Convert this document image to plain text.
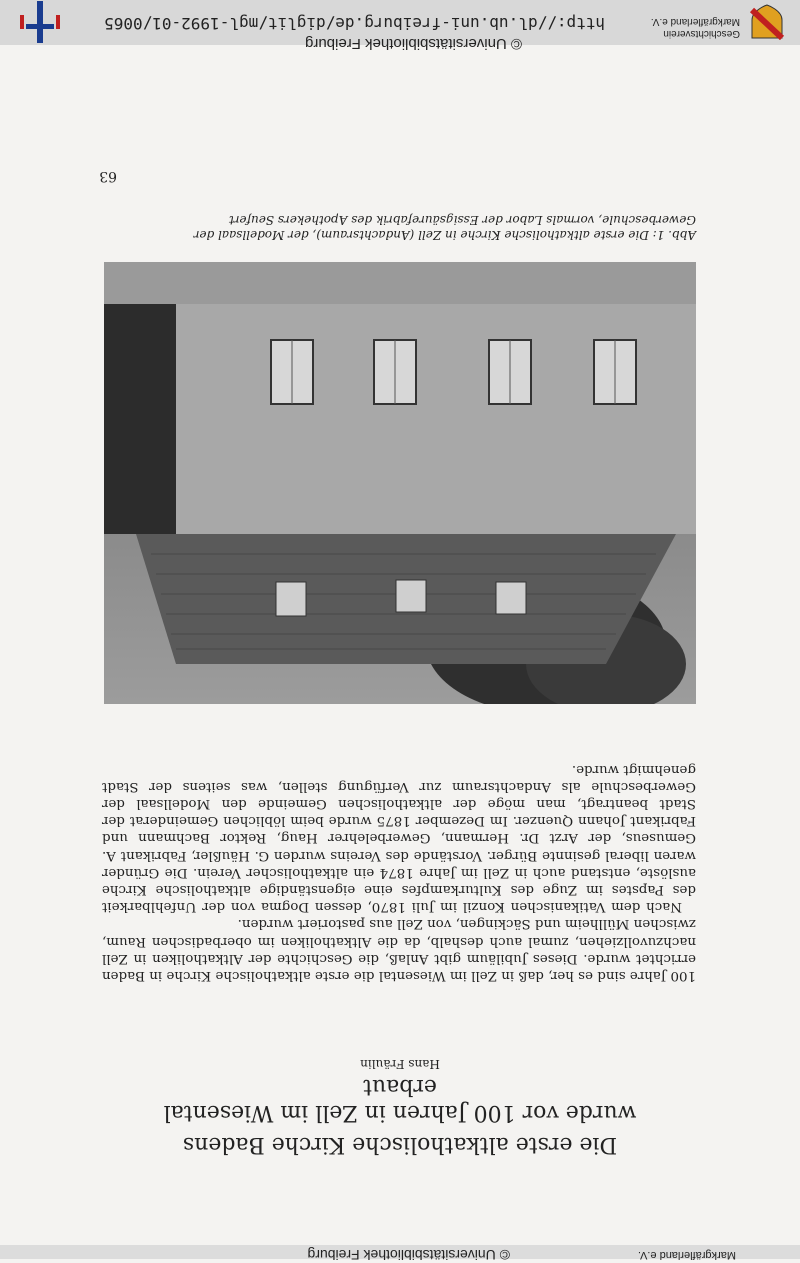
© Universitätsbibliothek Freiburg	Markgräflerland e.V.
Die erste altkatholische Kirche Badens
wurde vor 100 Jahren in Zell im Wiesental erbaut
Hans Fräulin

100 Jahre sind es her, daß in Zell im Wiesental die erste altkatholische Kirche in Baden errichtet wurde. Dieses Jubiläum gibt Anlaß, die Geschichte der Altkatholiken in Zell nachzuvollziehen, zumal auch deshalb, da die Altkatholiken im oberbadischen Raum, zwischen Müllheim und Säckingen, von Zell aus pastoriert wurden.

Nach dem Vatikanischen Konzil im Juli 1870, dessen Dogma von der Unfehlbarkeit des Papstes im Zuge des Kulturkampfes eine eigenständige altkatholische Kirche auslöste, entstand auch in Zell im Jahre 1874 ein altkatholischer Verein. Die Gründer waren liberal gesinnte Bürger. Vorstände des Vereins wurden G. Häußler, Fabrikant A. Gemuseus, der Arzt Dr. Hermann, Gewerbelehrer Haug, Rektor Bachmann und Fabrikant Johann Quenzer. Im Dezember 1875 wurde beim löblichen Gemeinderat der Stadt beantragt, man möge der altkatholischen Gemeinde den Modellsaal der Gewerbeschule als Andachtsraum zur Verfügung stellen, was seitens der Stadt genehmigt wurde.

Abb. 1: Die erste altkatholische Kirche in Zell (Andachtsraum), der Modellsaal der Gewerbeschule, vormals Labor der Essigsäurefabrik des Apothekers Seufert
63
© Universitätsbibliothek Freiburg
http://dl.ub.uni-freiburg.de/diglit/mgl-1992-01/0065
Geschichtsverein
Markgräflerland e.V.
